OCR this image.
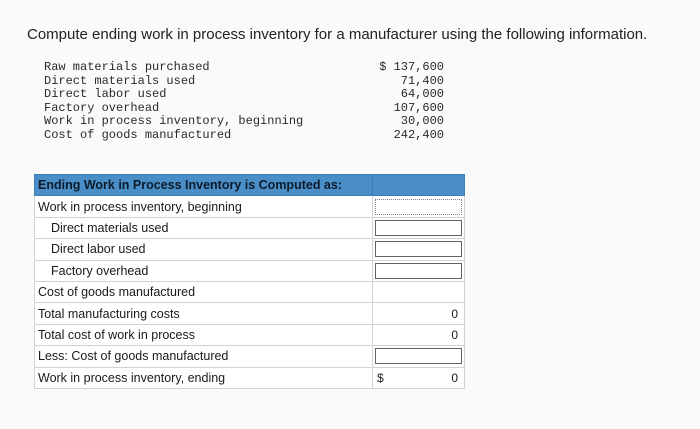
Compute ending work in process inventory for a manufacturer using the following information.
Raw materials purchased	$ 137,600
Direct materials used	71,400
Direct labor used	64,000
Factory overhead	107,600
Work in process inventory, beginning	30,000
Cost of goods manufactured	242,400
Ending Work in Process Inventory is Computed as:	
Work in process inventory, beginning	

Direct materials used	

Direct labor used	

Factory overhead	

Cost of goods manufactured	
Total manufacturing costs	0

Total cost of work in process	0

Less: Cost of goods manufactured	

Work in process inventory, ending	$ 0
